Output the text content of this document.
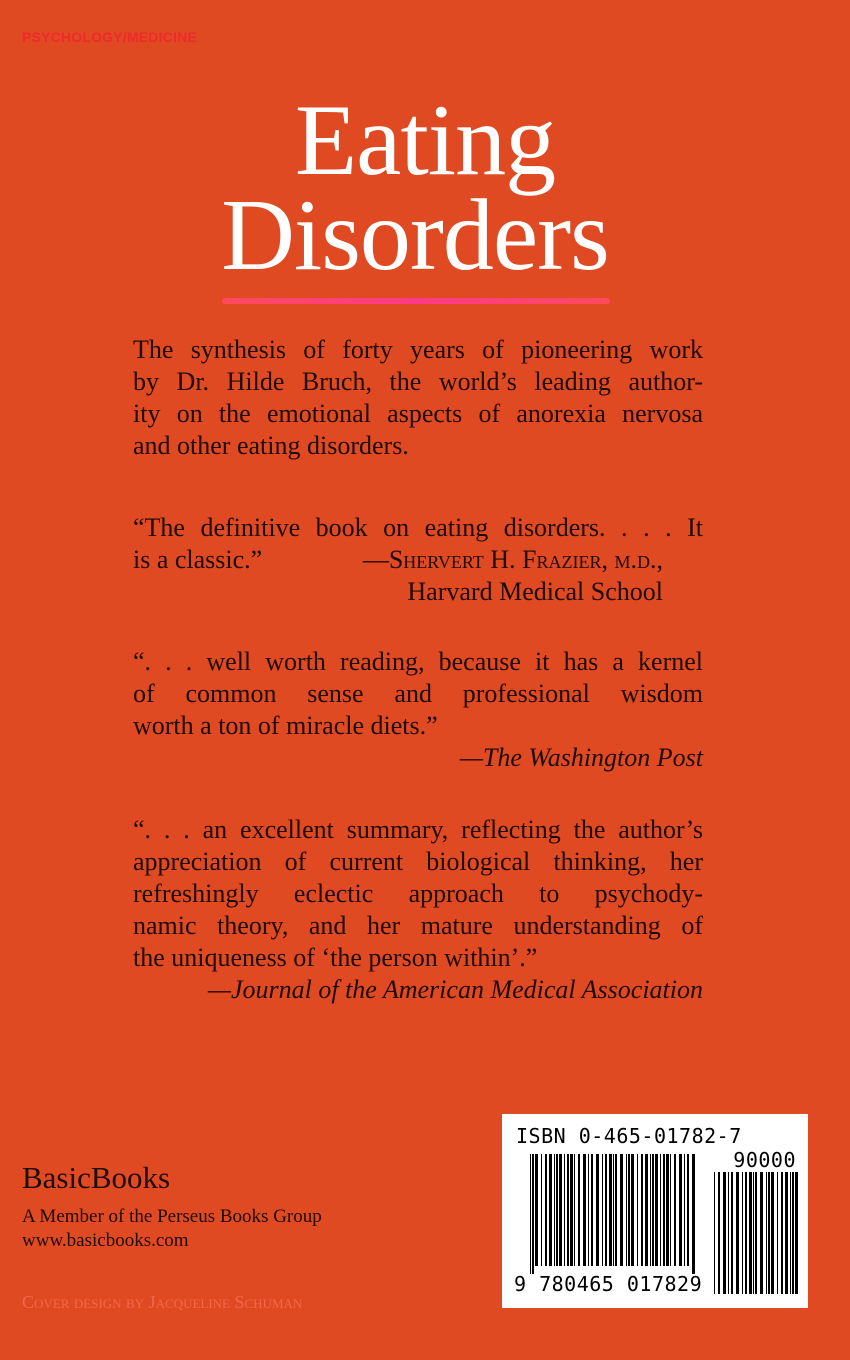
PSYCHOLOGY/MEDICINE
Eating
Disorders
The synthesis of forty years of pioneering work
by Dr. Hilde Bruch, the world’s leading author-
ity on the emotional aspects of anorexia nervosa
and other eating disorders.
“The definitive book on eating disorders. . . . It
is a classic.”	—Shervert H. Frazier, m.d.,
Harvard Medical School
“. . . well worth reading, because it has a kernel
of common sense and professional wisdom
worth a ton of miracle diets.”
—The Washington Post
“. . . an excellent summary, reflecting the author’s
appreciation of current biological thinking, her
refreshingly eclectic approach to psychody-
namic theory, and her mature understanding of
the uniqueness of ‘the person within’.”
—Journal of the American Medical Association
BasicBooks
A Member of the Perseus Books Group
www.basicbooks.com
Cover design by Jacqueline Schuman
ISBN 0-465-01782-7
90000
9 780465 017829
